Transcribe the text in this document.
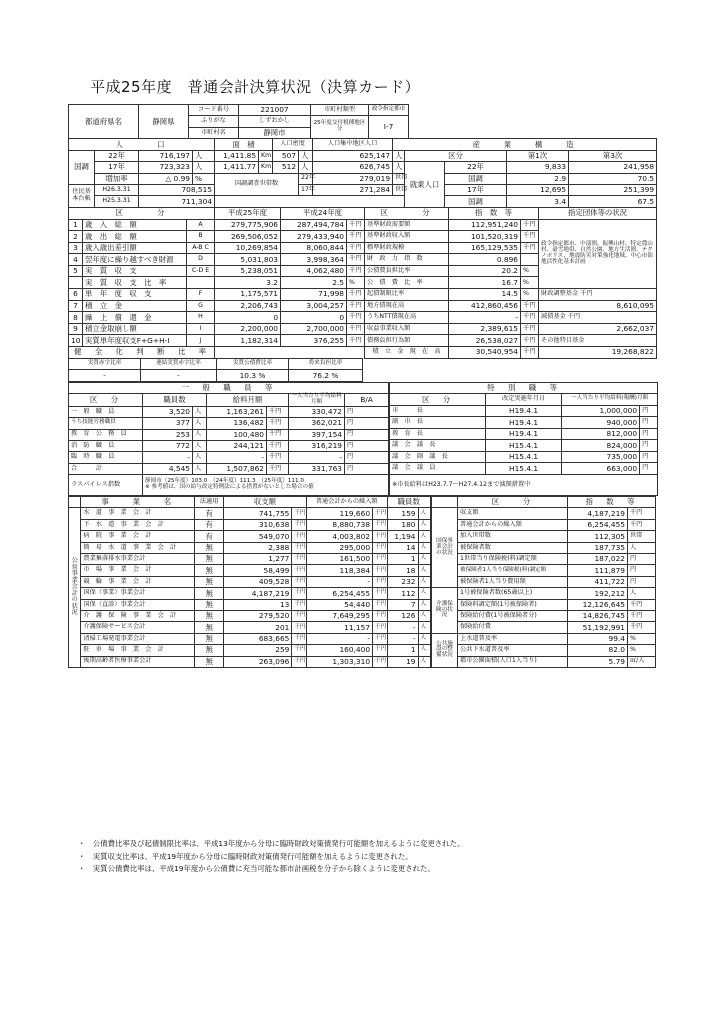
平成25年度　普通会計決算状況（決算カード）
都道府県名	静岡県	コード番号	221007	市町村類型	政令指定都市	
		ふりがな	しずおかし	25年度交付税種地区分	Ⅰ-7	
		市町村名	静岡市			
人　　　口				面　積		人口密度		人口集中地区人口	産　　業　　構　　造				
国調	22年	716,197	人	1,411.85	Km	507	人	625,147	人	区分		第1次	第3次
	17年	723,323	人	1,411.77	Km	512	人	626,745	人	就業人口	22年	9,833	241,958
	増加率	△ 0.99	%	国調調査世帯数			22年	279,019	世帯		国調	2.9	70.5
住民基本台帳	H26.3.31	708,515					17年	271,284	世帯		17年	12,695	251,399
	H25.3.31	711,304									国調	3.4	67.5
区　　　分			平成25年度	平成24年度		区　　　分	指　数　等		指定団体等の状況
1	歳　入　総　額	A	279,775,906	287,494,784	千円	基準財政需要額	112,951,240	千円	政令指定都市、中部圏、振興山村、特定農山村、豪雪地帯、自然公園、地方生活圏、テクノポリス、地震防災対策強化地域、中心市街地活性化基本計画
2	歳　出　総　額	B	269,506,052	279,433,940	千円	基準財政収入額	101,520,319	千円	
3	歳入歳出差引額	A-B C	10,269,854	8,060,844	千円	標準財政規模	165,129,535	千円	
4	翌年度に繰り越すべき財源	D	5,031,803	3,998,364	千円	財　政　力　指　数	0.896		
5	実　質　収　支	C-D E	5,238,051	4,062,480	千円	公債費負担比率	20.2	%	
	実　質　収　支　比　率		3.2	2.5	%	公　債　費　比　率	16.7	%	
6	単　年　度　収　支	F	1,175,571	71,998	千円	起債制限比率	14.5	%	財政調整基金 千円
7	積　立　金	G	2,206,743	3,004,257	千円	地方債現在高	412,860,456	千円	8,610,095
8	繰　上　償　還　金	H	0	0	千円	うちNTT債現在高	-	千円	減債基金 千円
9	積立金取崩し額	I	2,200,000	2,700,000	千円	収益事業収入額	2,389,615	千円	2,662,037
10	実質単年度収支F+G+H-I	J	1,182,314	376,255	千円	債務負担行為額	26,538,027	千円	その他特目基金
健　全　化　判　断　比　率						積　立　金　現　在　高	30,540,954	千円	19,268,822
実質赤字比率	連結実質赤字比率	実質公債費比率	将来負担比率
-	-	10.3 %	76.2 %
一　般　職　員　等						
区　分	職員数		給料月額		一人当たり平均給料月額	B/A
一　般　職　員	3,520	人	1,163,261	千円	330,472	円
うち技能労務職員	377	人	136,482	千円	362,021	円
教　育　公　務　員	253	人	100,480	千円	397,154	円
消　防　職　員	772	人	244,121	千円	316,219	円
臨　時　職　員	-	人	-	千円	-	円
合　　　計	4,545	人	1,507,862	千円	331,763	円
ラスパイレス指数	静岡市（25年度）103.0　（24年度）111.3　（25年度）111.0
※ 参考値は、国の給与改定特例法による措置がないとした場合の値					
特　別　職　等			
区　分	改定実施年月日	一人当たり平均給料(報酬)月額	
市　　　長	H19.4.1	1,000,000	円
副　市　長	H19.4.1	940,000	円
教　育　長	H19.4.1	812,000	円
議　会　議　長	H15.4.1	824,000	円
議　会　副　議　長	H15.4.1	735,000	円
議　会　議　員	H15.4.1	663,000	円
※市長給料はH23.7.7～H27.4.12まで減額措置中			
	事　　業　　名	法適用	収支額		普通会計からの繰入額		職員数	
公営事業会計の状況	水　道　事　業　会　計	有	741,755	千円	119,660	千円	159	人
	下　水　道　事　業　会　計	有	310,638	千円	8,880,738	千円	180	人
	病　院　事　業　会　計	有	549,070	千円	4,003,802	千円	1,194	人
	簡　易　水　道　事　業　会　計	無	2,388	千円	295,000	千円	14	人
	農業集落排水事業会計	無	1,277	千円	161,500	千円	1	人
	市　場　事　業　会　計	無	58,499	千円	118,384	千円	18	人
	競　輪　事　業　会　計	無	409,528	千円	-	千円	232	人
	国保（事業）事業会計	無	4,187,219	千円	6,254,455	千円	112	人
	国保（直診）事業会計	無	13	千円	54,440	千円	7	人
	介　護　保　険　事　業　会　計	無	279,520	千円	7,649,295	千円	126	人
	介護保険サービス会計	無	201	千円	11,157	千円	-	人
	清掃工場発電事業会計	無	683,665	千円	-	千円	-	人
	駐　車　場　事　業　会　計	無	259	千円	160,400	千円	1	人
	後期高齢者医療事業会計	無	263,096	千円	1,303,310	千円	19	人
	区　　分	指　数　等	
国保事業会計の状況	収支額	4,187,219	千円
	普通会計からの繰入額	6,254,455	千円
	加入世帯数	112,305	世帯
	被保険者数	187,735	人
	1世帯当り保険税(料)調定額	187,022	円
	被保険者1人当り保険税(料)調定額	111,879	円
	被保険者1人当り費用額	411,722	円
介護保険の状況	1号被保険者数(65歳以上)	192,212	人
	保険料調定額(1号被保険者)	12,126,645	千円
	保険給付費(1号被保険者分)	14,826,745	千円
	保険給付費	51,192,991	千円
公共施設の整備状況	上水道普及率	99.4	%
	公共下水道普及率	82.0	%
	都市公園面積(人口1人当り)	5.79	㎡/人
・　公債費比率及び起債制限比率は、平成13年度から分母に臨時財政対策債発行可能額を加えるように変更された。
・　実質収支比率は、平成19年度から分母に臨時財政対策債発行可能額を加えるように変更された。
・　実質公債費比率は、平成19年度から公債費に充当可能な都市計画税を分子から除くように変更された。
